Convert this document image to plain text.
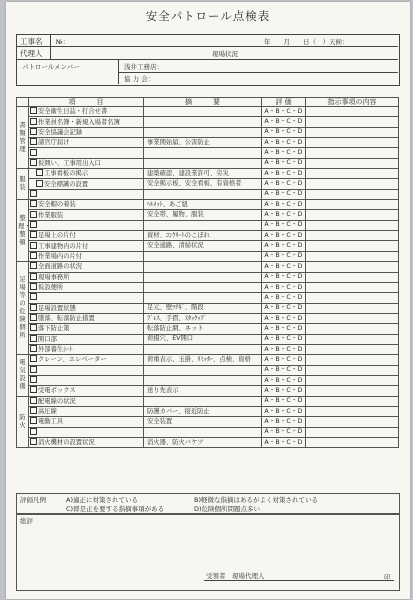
安全パトロール点検表
工事名 №：	年　　月　　日（　）天候：
代理人	現場状況
パトロールメンバー	浅井工務店：
協 力 会：
	項　　　目	摘　　　要	評 価	指示事項の内容
書類管理	安全衛生日誌・打合せ書		A・B・C・D	
	作業員名簿・新規入場者名簿		A・B・C・D	
	安全協議会記録		A・B・C・D	
	諸官庁届け	事業開始届、公害防止	A・B・C・D	
			A・B・C・D	
	仮囲い、工事用出入口		A・B・C・D	
服装	工事看板の掲示	建築確認、建設業許可、労災	A・B・C・D	
	安全標識の設置	安全掲示板、安全看板、有資格者	A・B・C・D	
			A・B・C・D	
整理・整頓	安全帽の着装	ﾍﾙﾒｯﾄ、あご紐	A・B・C・D	
	作業服装	安全帯、履物、服装	A・B・C・D	
			A・B・C・D	
	足場上の片付	資材、ｺﾝｸﾘｰﾄのこぼれ	A・B・C・D	
	工事建物内の片付	安全通路、清掃状況	A・B・C・D	
	作業場内の片付		A・B・C・D	
足場等の危険個所	全面道路の状況		A・B・C・D	
	現場事務所		A・B・C・D	
	仮設便所		A・B・C・D	
			A・B・C・D	
	足場設置状態	足元、壁ﾂﾅｷﾞ、階段	A・B・C・D	
	墜落、転落防止措置	ﾌﾞﾚｽ、手摺、ｽﾀｯｸｯﾌﾞ	A・B・C・D	
	落下防止策	転落防止網、ネット	A・B・C・D	
	開口部	荷揚穴、EV開口	A・B・C・D	
	外部養生ｼｰﾄ		A・B・C・D	
電気設備	クレーン、エレベーター	荷重表示、玉掛、ﾘﾐｯﾀｰ、点検、資格	A・B・C・D	
			A・B・C・D	
			A・B・C・D	
	受電ボックス	送り先表示	A・B・C・D	
防火	配電線の状況		A・B・C・D	
	高圧線	防護カバー、接近防止	A・B・C・D	
	電動工具	安全装置	A・B・C・D	
			A・B・C・D	
	消火機材の設置状況	消火器、防火バケツ	A・B・C・D	
評価凡例	A)適正に対策されている	B)軽微な指摘はあるがよく対策されている
C)即是正を要する指摘事項がある	D)危険個所問題点多い
総評
受領者　現場代理人	印
